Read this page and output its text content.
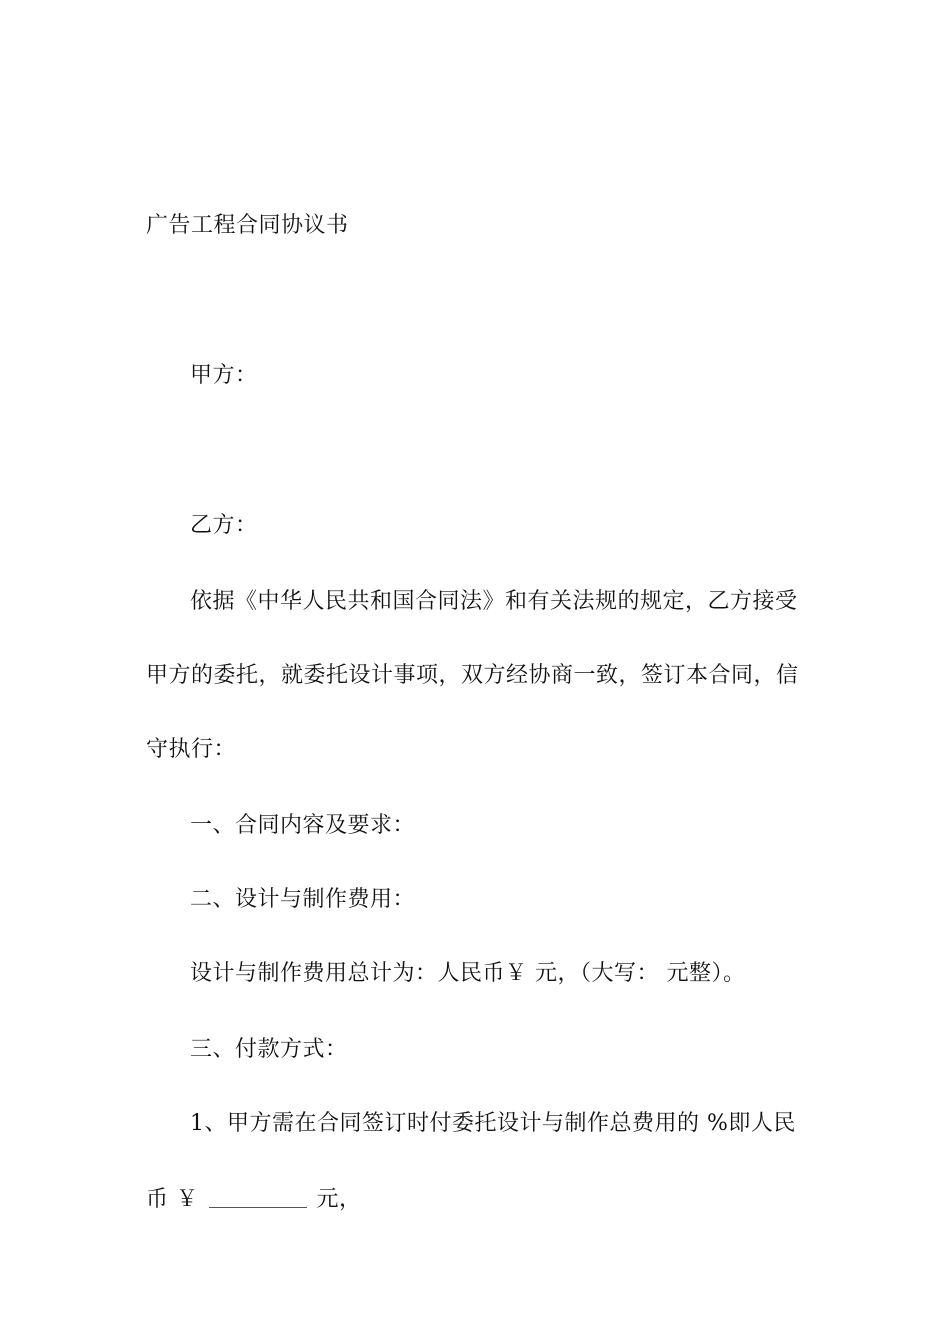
广告工程合同协议书
甲方：
乙方：
依据《中华人民共和国合同法》和有关法规的规定，乙方接受
甲方的委托，就委托设计事项，双方经协商一致，签订本合同，信
守执行：
一、合同内容及要求：
二、设计与制作费用：
设计与制作费用总计为：人民币￥ 元，（大写： 元整）。
三、付款方式：
1、甲方需在合同签订时付委托设计与制作总费用的 %即人民
币 ￥	元，
